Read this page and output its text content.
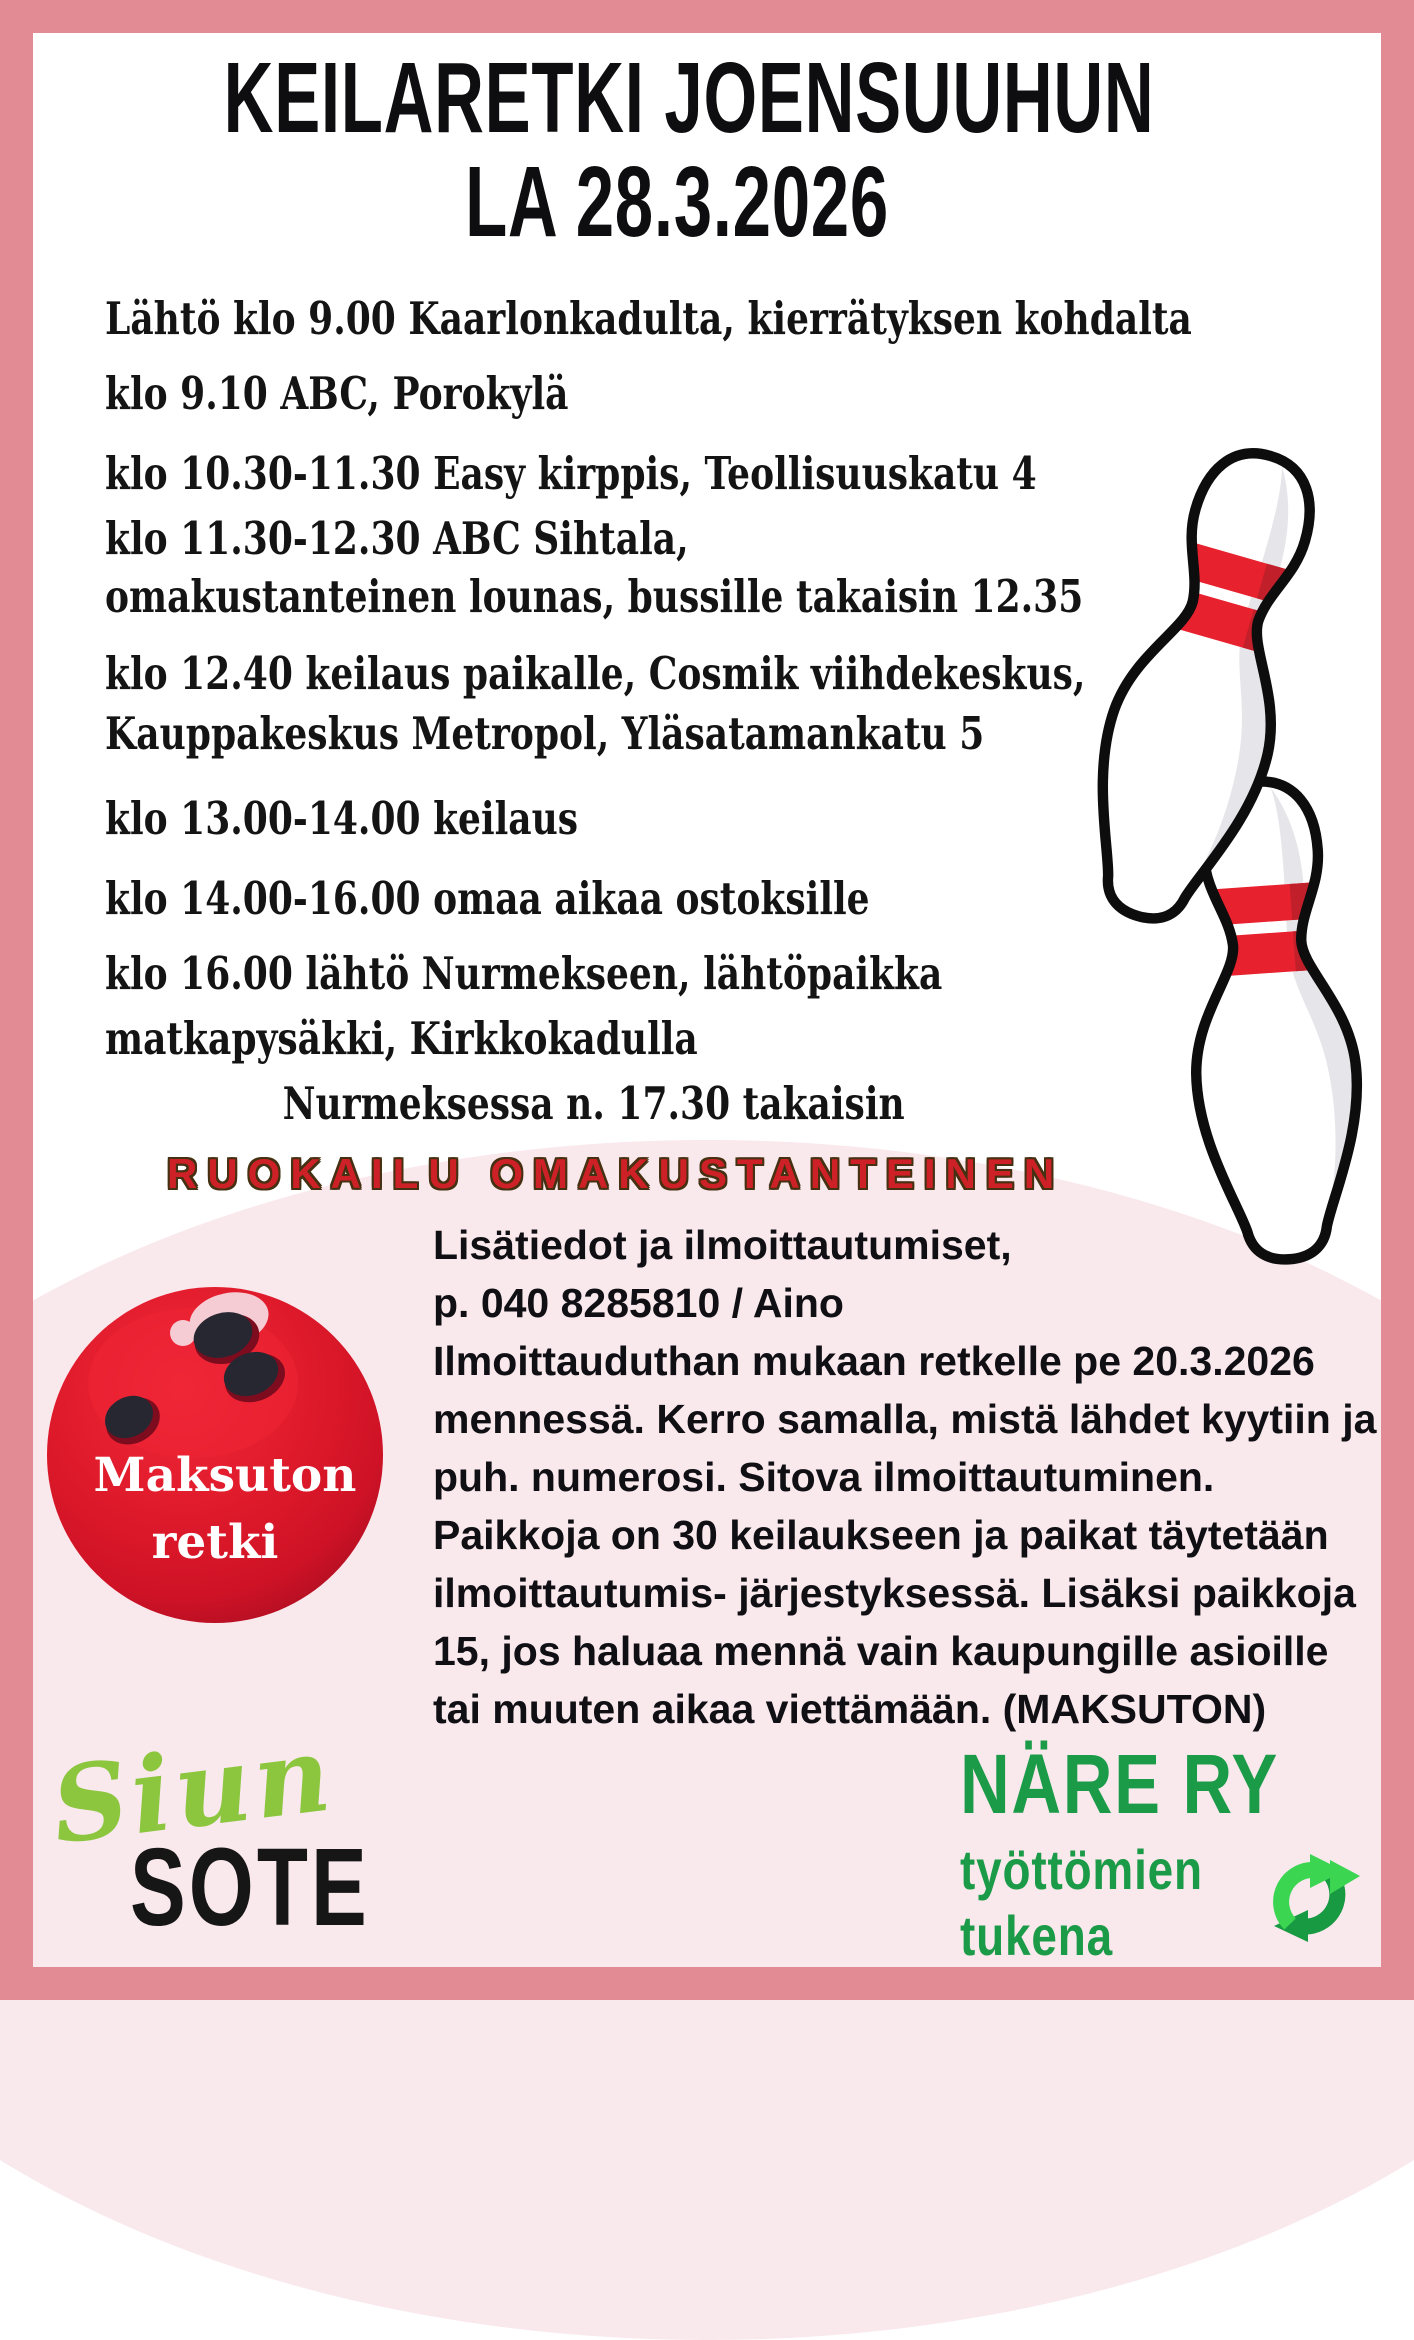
KEILARETKI JOENSUUHUN
LA 28.3.2026
Lähtö klo 9.00 Kaarlonkadulta, kierrätyksen kohdalta
klo 9.10 ABC, Porokylä
klo 10.30-11.30 Easy kirppis, Teollisuuskatu 4
klo 11.30-12.30 ABC Sihtala,
omakustanteinen lounas, bussille takaisin 12.35
klo 12.40 keilaus paikalle, Cosmik viihdekeskus,
Kauppakeskus Metropol, Yläsatamankatu 5
klo 13.00-14.00 keilaus
klo 14.00-16.00 omaa aikaa ostoksille
klo 16.00 lähtö Nurmekseen, lähtöpaikka
matkapysäkki, Kirkkokadulla
Nurmeksessa n. 17.30 takaisin
RUOKAILU OMAKUSTANTEINEN
Maksuton
retki
Lisätiedot ja ilmoittautumiset,
p. 040 8285810 / Aino
Ilmoittauduthan mukaan retkelle pe 20.3.2026
mennessä. Kerro samalla, mistä lähdet kyytiin ja
puh. numerosi. Sitova ilmoittautuminen.
Paikkoja on 30 keilaukseen ja paikat täytetään
ilmoittautumis- järjestyksessä. Lisäksi paikkoja
15, jos haluaa mennä vain kaupungille asioille
tai muuten aikaa viettämään. (MAKSUTON)
Siun
SOTE
NÄRE RY
työttömien
tukena
